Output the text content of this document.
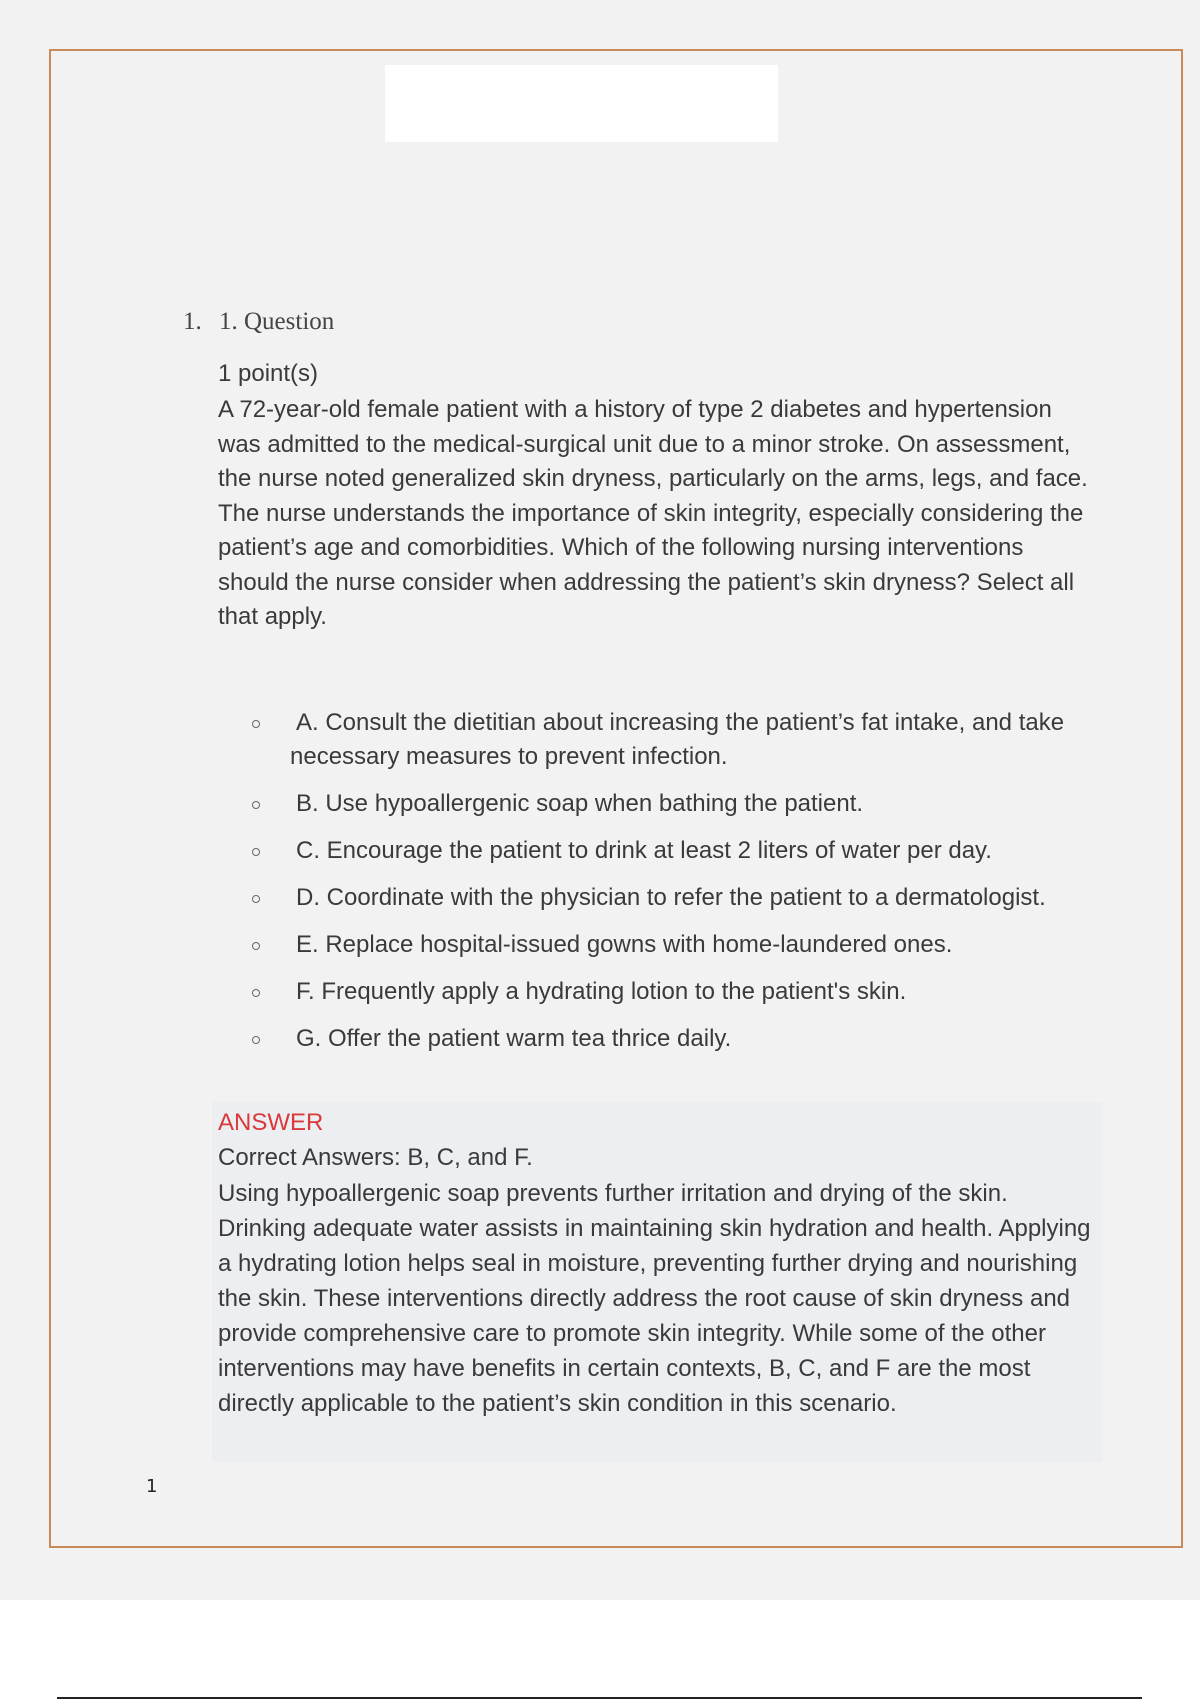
1. 1. Question
1 point(s)
A 72-year-old female patient with a history of type 2 diabetes and hypertension was admitted to the medical-surgical unit due to a minor stroke. On assessment, the nurse noted generalized skin dryness, particularly on the arms, legs, and face. The nurse understands the importance of skin integrity, especially considering the patient’s age and comorbidities. Which of the following nursing interventions should the nurse consider when addressing the patient’s skin dryness? Select all that apply.
A. Consult the dietitian about increasing the patient’s fat intake, and take necessary measures to prevent infection.
B. Use hypoallergenic soap when bathing the patient.
C. Encourage the patient to drink at least 2 liters of water per day.
D. Coordinate with the physician to refer the patient to a dermatologist.
E. Replace hospital-issued gowns with home-laundered ones.
F. Frequently apply a hydrating lotion to the patient's skin.
G. Offer the patient warm tea thrice daily.
ANSWER
Correct Answers: B, C, and F.
Using hypoallergenic soap prevents further irritation and drying of the skin. Drinking adequate water assists in maintaining skin hydration and health. Applying a hydrating lotion helps seal in moisture, preventing further drying and nourishing the skin. These interventions directly address the root cause of skin dryness and provide comprehensive care to promote skin integrity. While some of the other interventions may have benefits in certain contexts, B, C, and F are the most directly applicable to the patient’s skin condition in this scenario.
1
